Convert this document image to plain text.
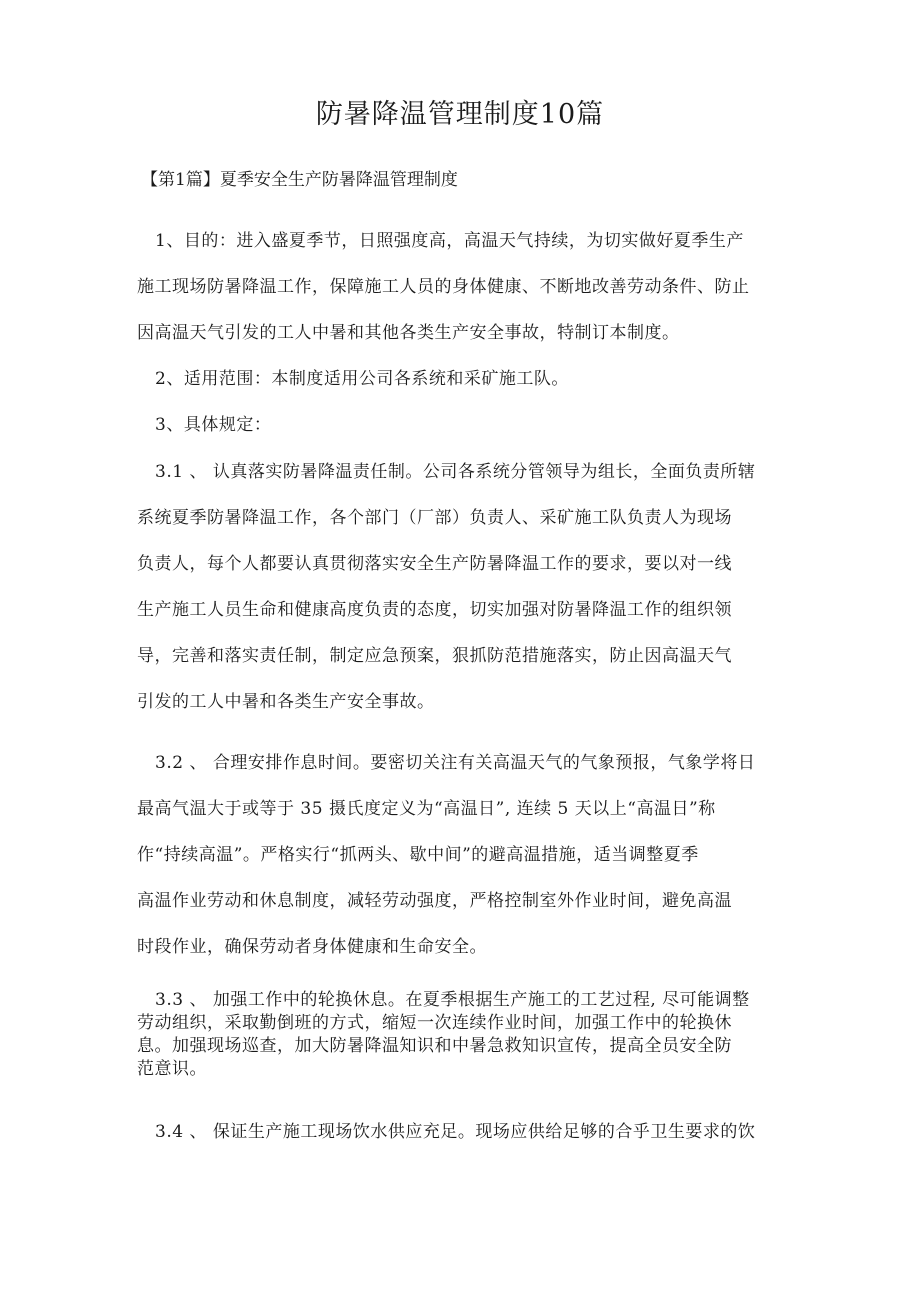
防暑降温管理制度10篇

【第1篇】夏季安全生产防暑降温管理制度

1、目的：进入盛夏季节，日照强度高，高温天气持续，为切实做好夏季生产
施工现场防暑降温工作，保障施工人员的身体健康、不断地改善劳动条件、防止
因高温天气引发的工人中暑和其他各类生产安全事故，特制订本制度。
2、适用范围：本制度适用公司各系统和采矿施工队。
3、具体规定：
3.1 、 认真落实防暑降温责任制。公司各系统分管领导为组长，全面负责所辖
系统夏季防暑降温工作，各个部门（厂部）负责人、采矿施工队负责人为现场
负责人，每个人都要认真贯彻落实安全生产防暑降温工作的要求，要以对一线
生产施工人员生命和健康高度负责的态度，切实加强对防暑降温工作的组织领
导，完善和落实责任制，制定应急预案，狠抓防范措施落实，防止因高温天气
引发的工人中暑和各类生产安全事故。
3.2 、 合理安排作息时间。要密切关注有关高温天气的气象预报，气象学将日
最高气温大于或等于 35 摄氏度定义为“高温日”, 连续 5 天以上“高温日”称
作“持续高温”。严格实行“抓两头、歇中间”的避高温措施，适当调整夏季
高温作业劳动和休息制度，减轻劳动强度，严格控制室外作业时间，避免高温
时段作业，确保劳动者身体健康和生命安全。
3.3 、 加强工作中的轮换休息。在夏季根据生产施工的工艺过程, 尽可能调整
劳动组织，采取勤倒班的方式，缩短一次连续作业时间，加强工作中的轮换休
息。加强现场巡查，加大防暑降温知识和中暑急救知识宣传，提高全员安全防
范意识。
3.4 、 保证生产施工现场饮水供应充足。现场应供给足够的合乎卫生要求的饮
